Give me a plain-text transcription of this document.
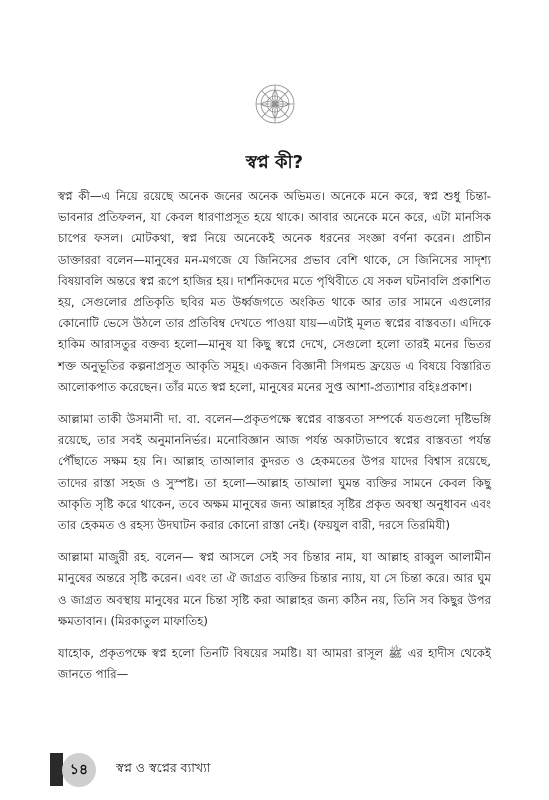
স্বপ্ন কী?

স্বপ্ন কী—এ নিয়ে রয়েছে অনেক জনের অনেক অভিমত। অনেকে মনে করে, স্বপ্ন শুধু চিন্তা-ভাবনার প্রতিফলন, যা কেবল ধারণাপ্রসূত হয়ে থাকে। আবার অনেকে মনে করে, এটা মানসিক চাপের ফসল। মোটকথা, স্বপ্ন নিয়ে অনেকেই অনেক ধরনের সংজ্ঞা বর্ণনা করেন। প্রাচীন ডাক্তাররা বলেন—মানুষের মন-মগজে যে জিনিসের প্রভাব বেশি থাকে, সে জিনিসের সাদৃশ্য বিষয়াবলি অন্তরে স্বপ্ন রূপে হাজির হয়। দার্শনিকদের মতে পৃথিবীতে যে সকল ঘটনাবলি প্রকাশিত হয়, সেগুলোর প্রতিকৃতি ছবির মত উর্ধ্বজগতে অংকিত থাকে আর তার সামনে এগুলোর কোনোটি ভেসে উঠলে তার প্রতিবিম্ব দেখতে পাওয়া যায়—এটাই মূলত স্বপ্নের বাস্তবতা। এদিকে হাকিম আরাসতুর বক্তব্য হলো—মানুষ যা কিছু স্বপ্নে দেখে, সেগুলো হলো তারই মনের ভিতর শক্ত অনুভূতির কল্পনাপ্রসূত আকৃতি সমূহ। একজন বিজ্ঞানী সিগমন্ড ফ্রয়েড এ বিষয়ে বিস্তারিত আলোকপাত করেছেন। তাঁর মতে স্বপ্ন হলো, মানুষের মনের সুপ্ত আশা-প্রত্যাশার বহিঃপ্রকাশ।

আল্লামা তাকী উসমানী দা. বা. বলেন—প্রকৃতপক্ষে স্বপ্নের বাস্তবতা সম্পর্কে যতগুলো দৃষ্টিভঙ্গি রয়েছে, তার সবই অনুমাননির্ভর। মনোবিজ্ঞান আজ পর্যন্ত অকাট্যভাবে স্বপ্নের বাস্তবতা পর্যন্ত পৌঁছাতে সক্ষম হয় নি। আল্লাহ তাআলার কুদরত ও হেকমতের উপর যাদের বিশ্বাস রয়েছে, তাদের রাস্তা সহজ ও সুস্পষ্ট। তা হলো—আল্লাহ তাআলা ঘুমন্ত ব্যক্তির সামনে কেবল কিছু আকৃতি সৃষ্টি করে থাকেন, তবে অক্ষম মানুষের জন্য আল্লাহর সৃষ্টির প্রকৃত অবস্থা অনুধাবন এবং তার হেকমত ও রহস্য উদঘাটন করার কোনো রাস্তা নেই। (ফয়যুল বারী, দরসে তিরমিযী)

আল্লামা মাজুরী রহ. বলেন— স্বপ্ন আসলে সেই সব চিন্তার নাম, যা আল্লাহ রাব্বুল আলামীন মানুষের অন্তরে সৃষ্টি করেন। এবং তা ঐ জাগ্রত ব্যক্তির চিন্তার ন্যায়, যা সে চিন্তা করে। আর ঘুম ও জাগ্রত অবস্থায় মানুষের মনে চিন্তা সৃষ্টি করা আল্লাহর জন্য কঠিন নয়, তিনি সব কিছুর উপর ক্ষমতাবান। (মিরকাতুল মাফাতিহ)

যাহোক, প্রকৃতপক্ষে স্বপ্ন হলো তিনটি বিষয়ের সমষ্টি। যা আমরা রাসূল ﷺ এর হাদীস থেকেই জানতে পারি—

১৪	স্বপ্ন ও স্বপ্নের ব্যাখ্যা
